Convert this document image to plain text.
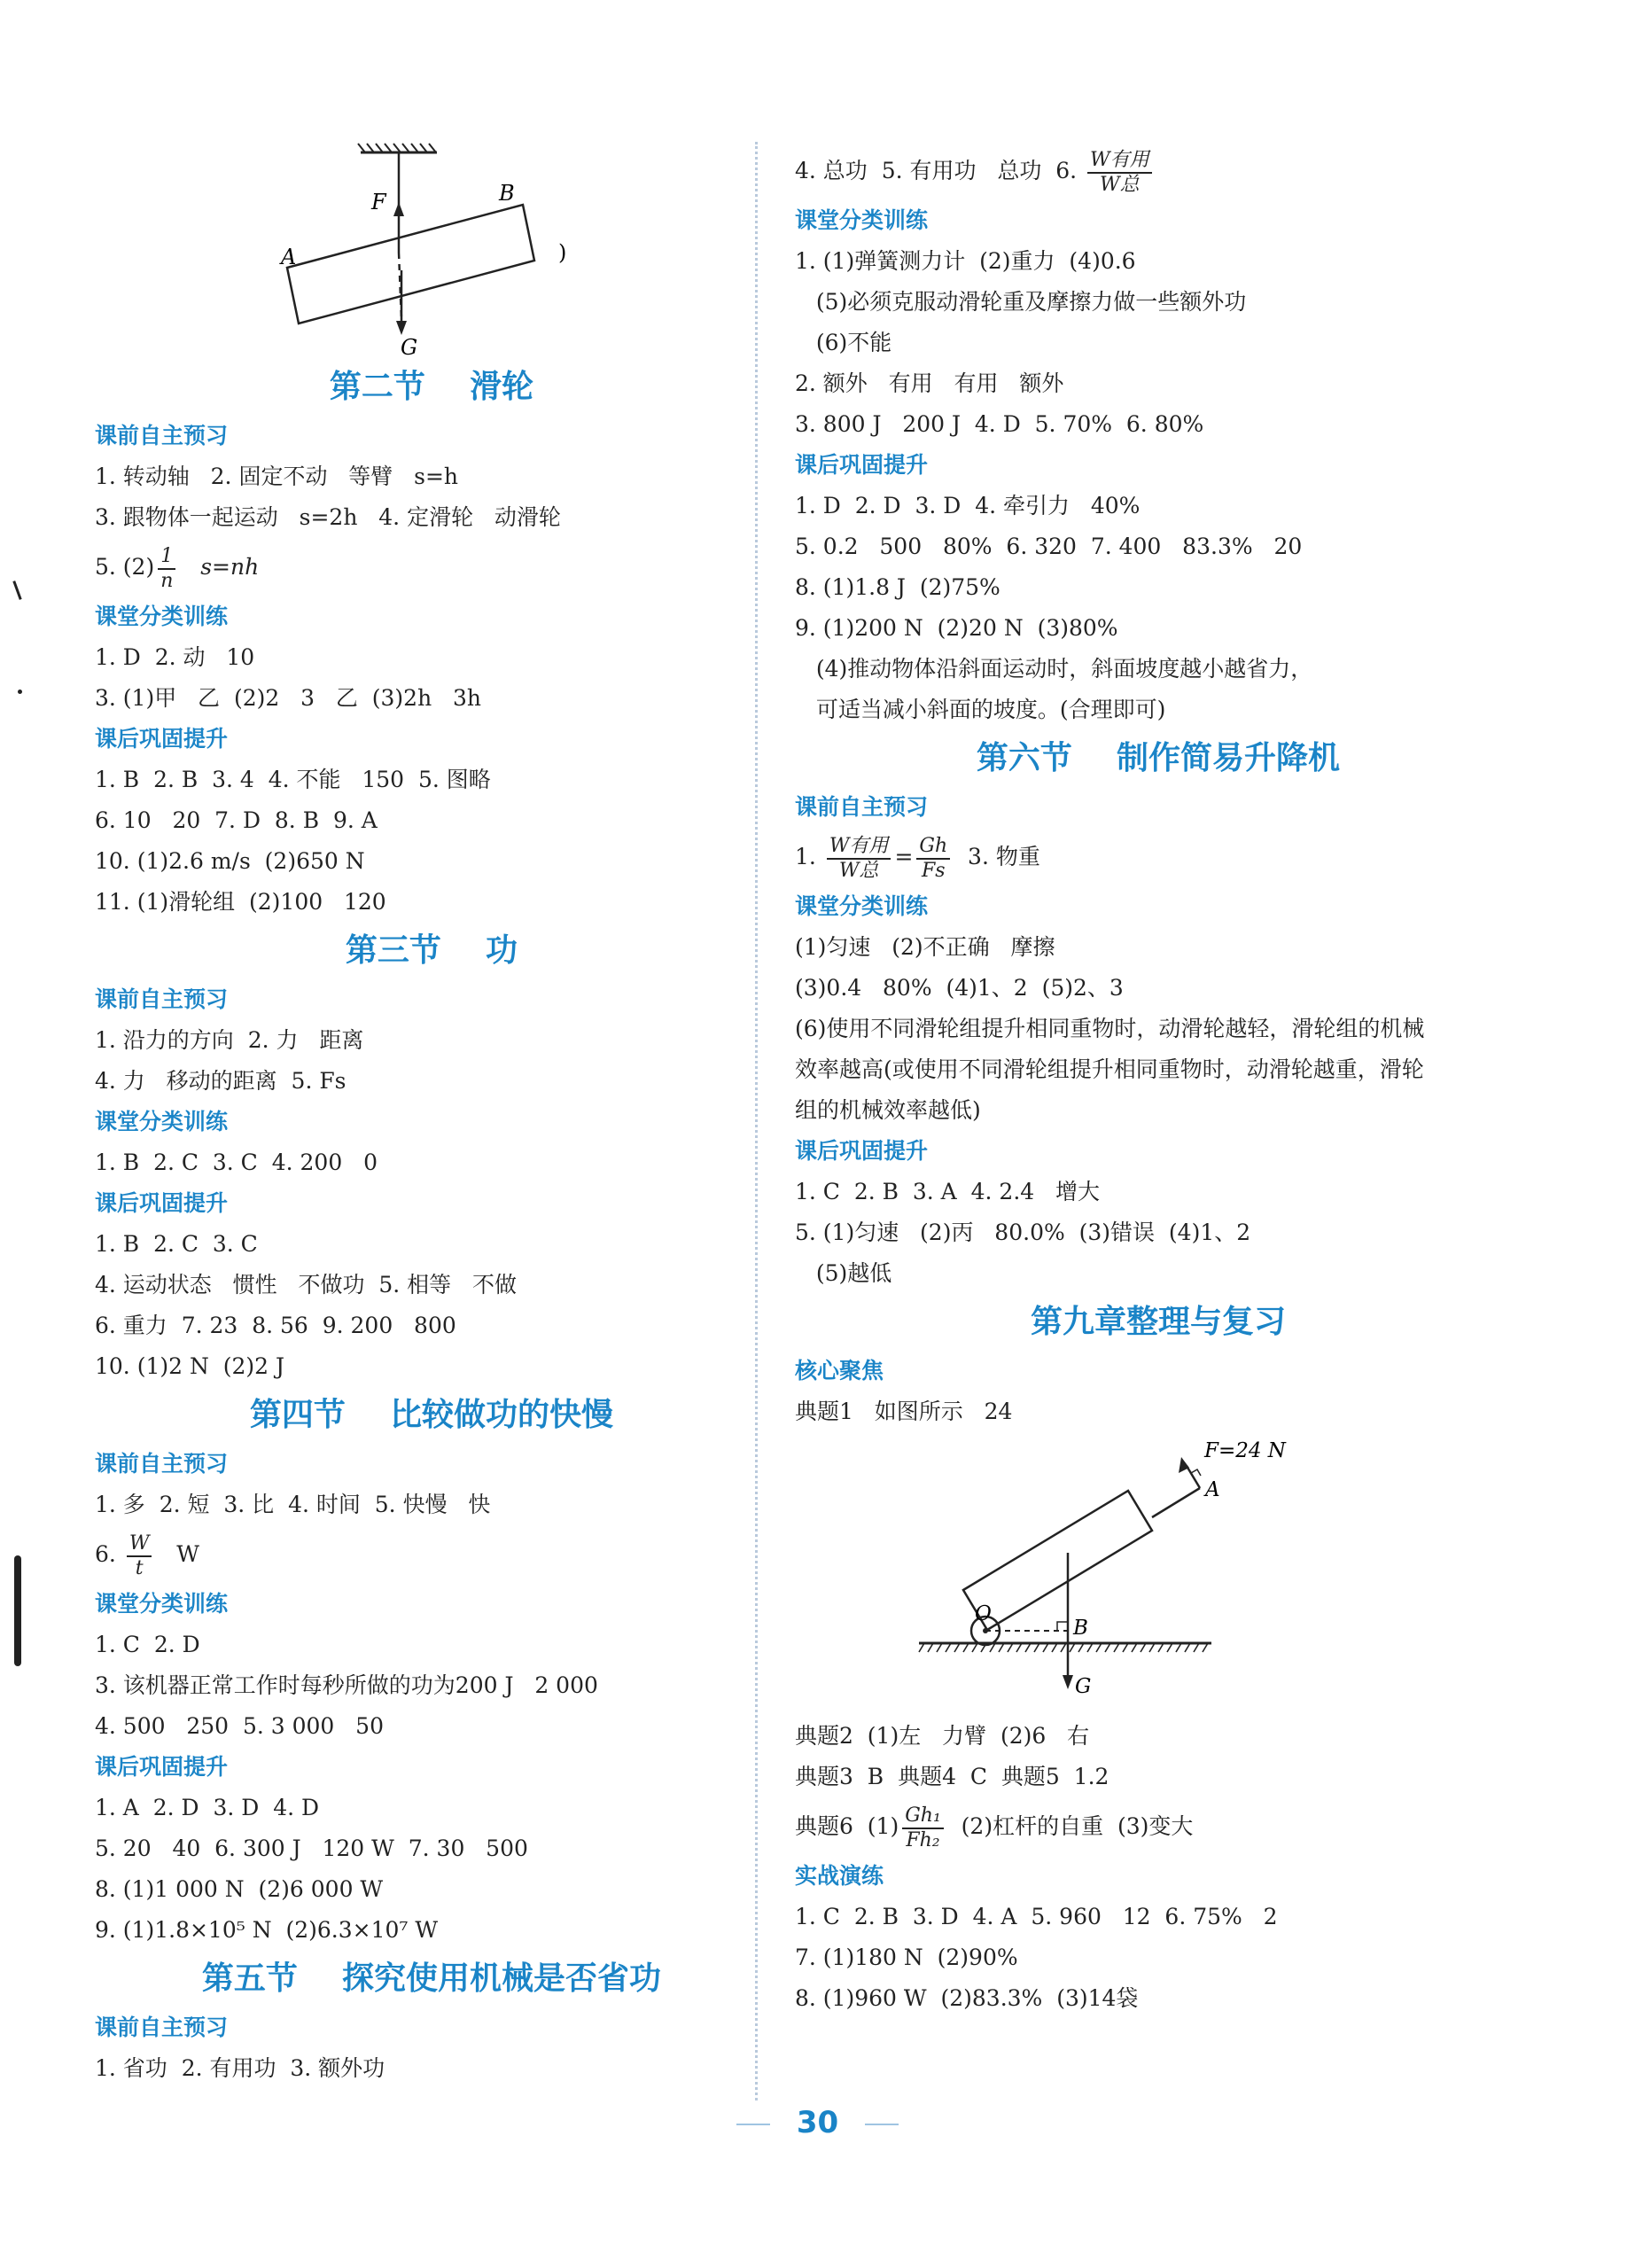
F	B
A
G
)
第二节    滑轮
课前自主预习
1. 转动轴   2. 固定不动   等臂   s=h
3. 跟物体一起运动   s=2h   4. 定滑轮   动滑轮
5. $(2) \frac{1}{n} s=nh$
课堂分类训练
1. D  2. 动   10
3. (1)甲   乙  (2)2   3   乙  (3)2h   3h
课后巩固提升
1. B  2. B  3. 4  4. 不能   150  5. 图略
6. 10   20  7. D  8. B  9. A
10. (1)2.6 m/s  (2)650 N
11. (1)滑轮组  (2)100   120
第三节    功
课前自主预习
1. 沿力的方向  2. 力   距离
4. 力   移动的距离  5. Fs
课堂分类训练
1. B  2. C  3. C  4. 200   0
课后巩固提升
1. B  2. C  3. C
4. 运动状态   惯性   不做功  5. 相等   不做
6. 重力  7. 23  8. 56  9. 200   800
10. (1)2 N  (2)2 J
第四节    比较做功的快慢
课前自主预习
1. 多  2. 短  3. 比  4. 时间  5. 快慢   快
6. $\frac{W}{t}$ W
课堂分类训练
1. C  2. D
3. 该机器正常工作时每秒所做的功为200 J   2 000
4. 500   250  5. 3 000   50
课后巩固提升
1. A  2. D  3. D  4. D
5. 20   40  6. 300 J   120 W  7. 30   500
8. (1)1 000 N  (2)6 000 W
9. (1)1.8×10⁵ N  (2)6.3×10⁷ W
第五节    探究使用机械是否省功
课前自主预习
1. 省功  2. 有用功  3. 额外功
4. 总功  5. 有用功   总功  6. $\frac{\text{W有用}}{\text{W总}}$
课堂分类训练
1. (1)弹簧测力计  (2)重力  (4)0.6
(5)必须克服动滑轮重及摩擦力做一些额外功
(6)不能
2. 额外   有用   有用   额外
3. 800 J   200 J  4. D  5. 70%  6. 80%
课后巩固提升
1. D  2. D  3. D  4. 牵引力   40%
5. 0.2   500   80%  6. 320  7. 400   83.3%   20
8. (1)1.8 J  (2)75%
9. (1)200 N  (2)20 N  (3)80%
(4)推动物体沿斜面运动时，斜面坡度越小越省力，
可适当减小斜面的坡度。(合理即可)
第六节    制作简易升降机
课前自主预习
1. $\frac{\text{W有用}}{\text{W总}} = \frac{Gh}{Fs} 3$. 物重
课堂分类训练
(1)匀速   (2)不正确   摩擦
(3)0.4   80%  (4)1、2  (5)2、3
(6)使用不同滑轮组提升相同重物时，动滑轮越轻，滑轮组的机械效率越高(或使用不同滑轮组提升相同重物时，动滑轮越重，滑轮组的机械效率越低)
课后巩固提升
1. C  2. B  3. A  4. 2.4   增大
5. (1)匀速   (2)丙   80.0%  (3)错误  (4)1、2
(5)越低
第九章整理与复习
核心聚焦
典题1   如图所示   24
F=24 N
A
O
B
G
典题2  (1)左   力臂  (2)6   右
典题3  B  典题4  C  典题5  1.2
典题6  $(1) \frac{\text{Gh₁}}{\text{Fh₂}} (2)$杠杆的自重  (3)变大
实战演练
1. C  2. B  3. D  4. A  5. 960   12  6. 75%   2
7. (1)180 N  (2)90%
8. (1)960 W  (2)83.3%  (3)14袋
30
